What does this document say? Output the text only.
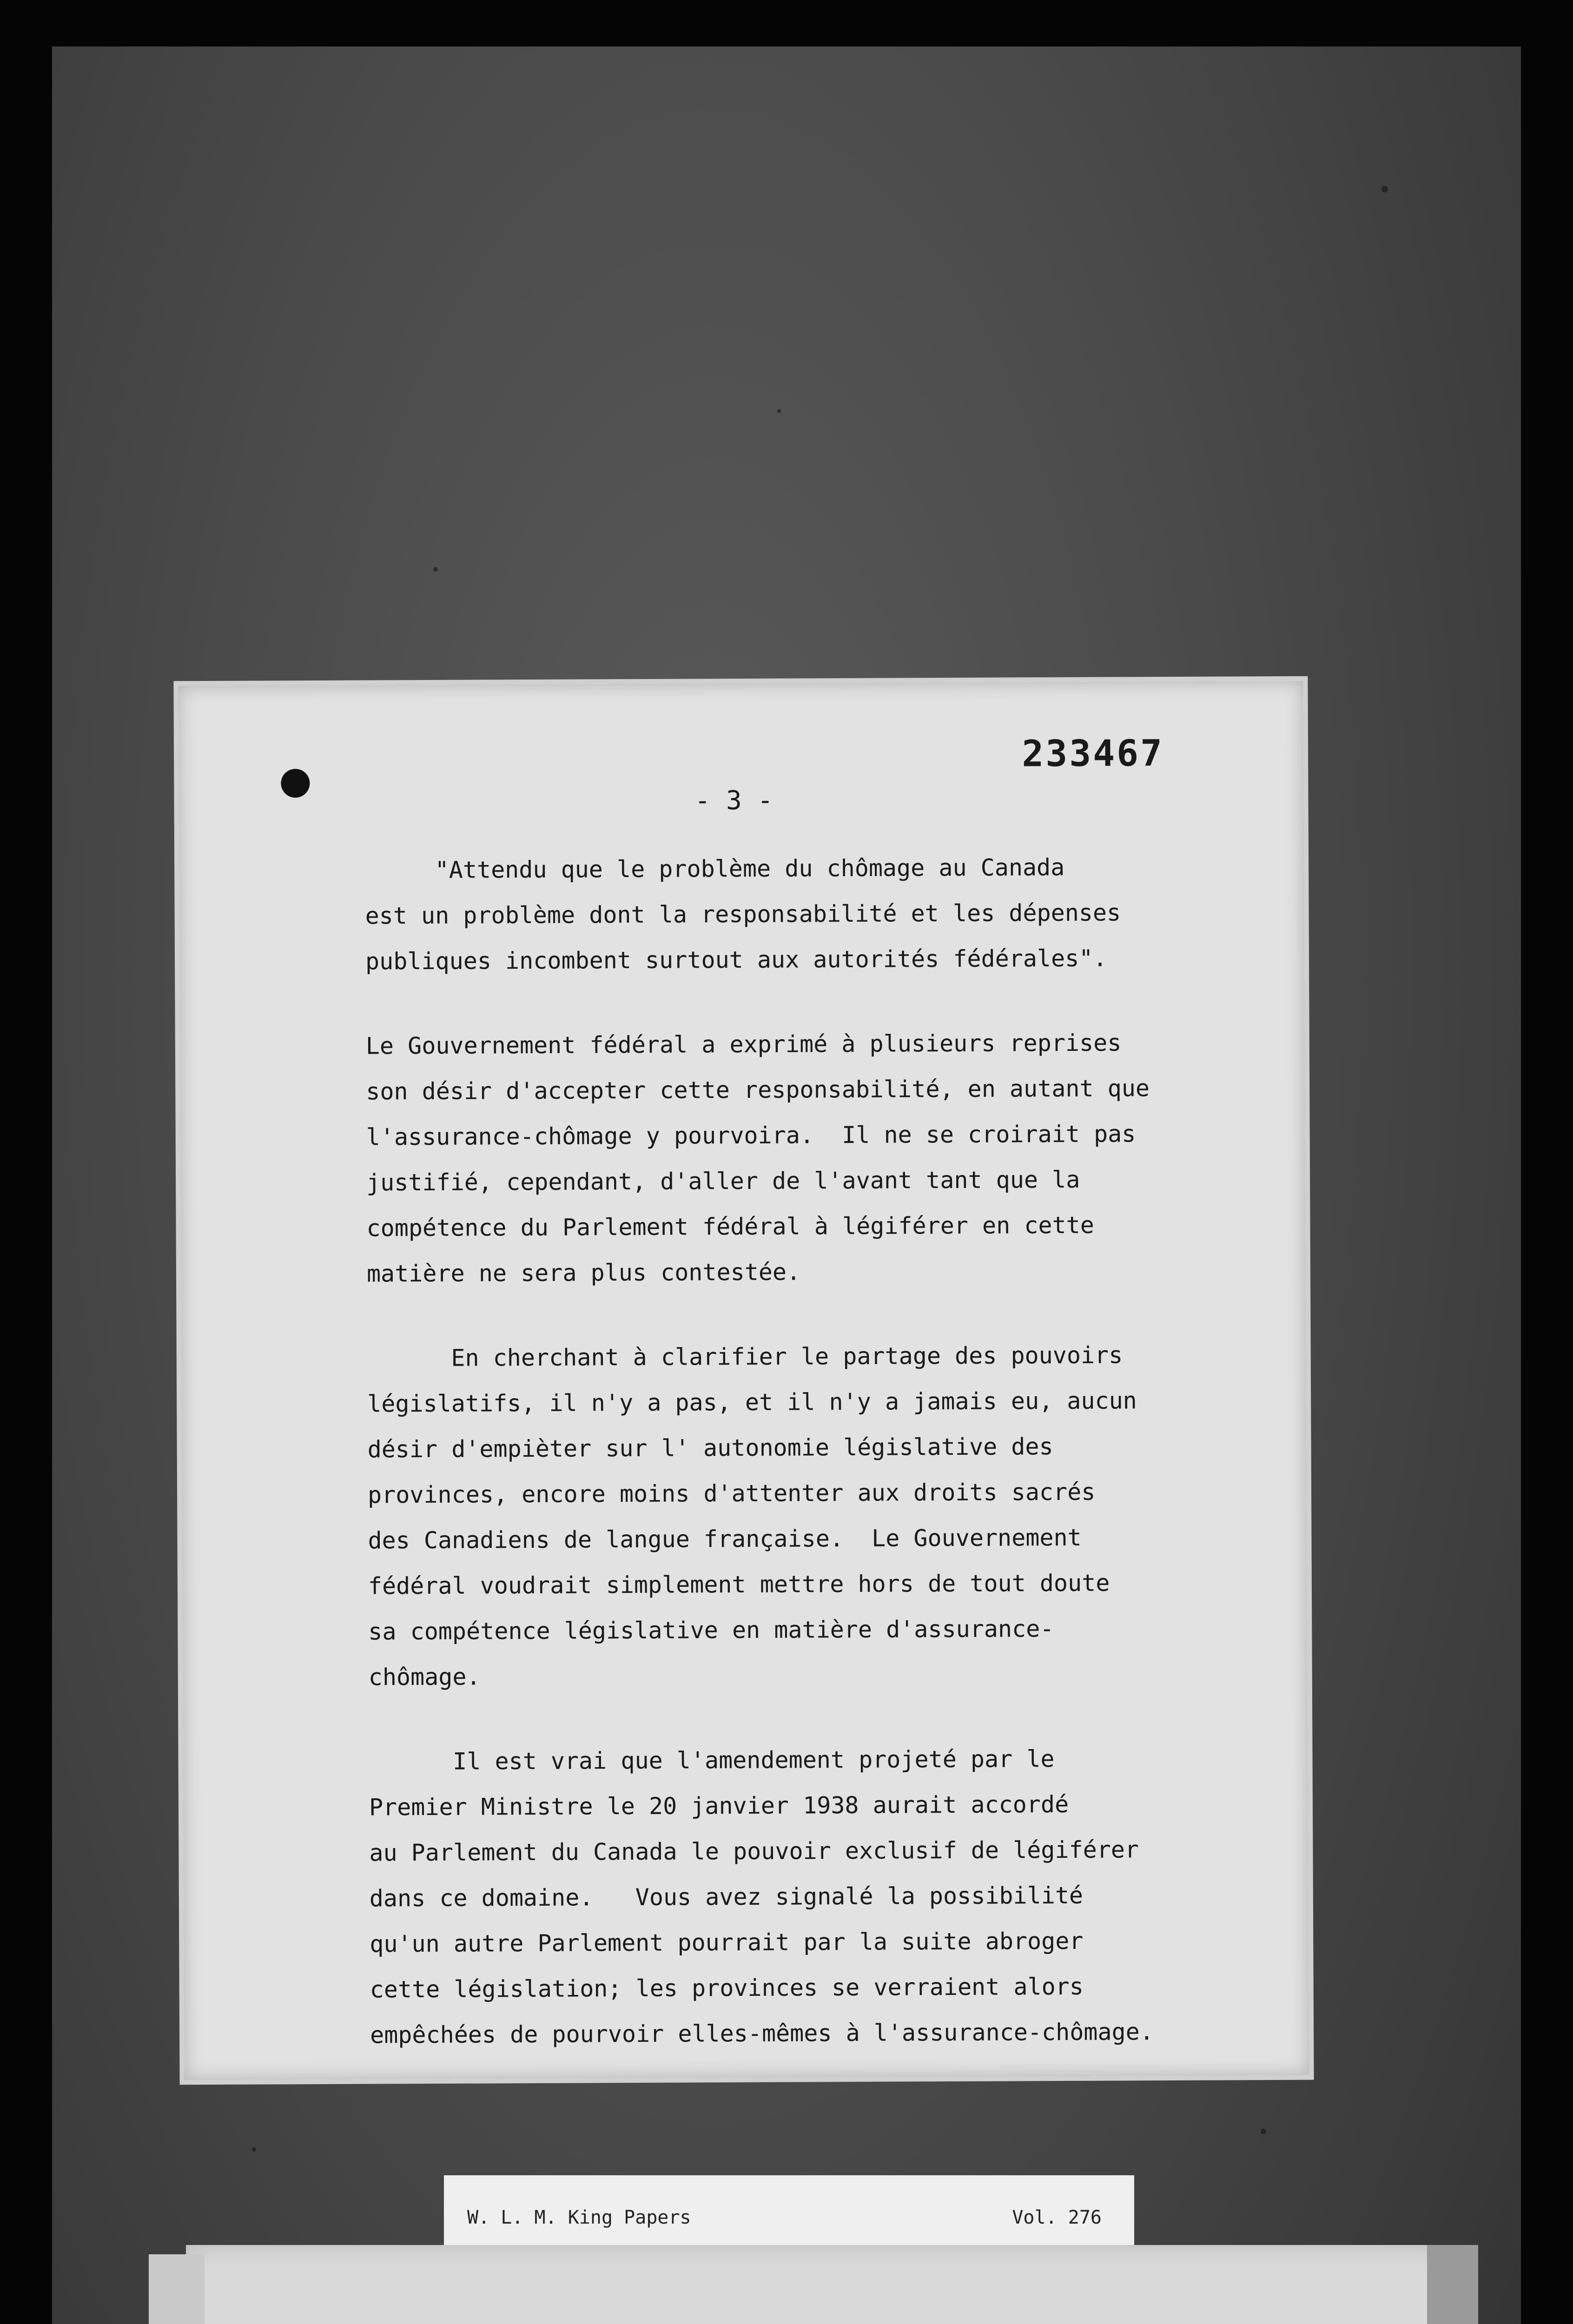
233467
- 3 -
"Attendu que le problème du chômage au Canada
est un problème dont la responsabilité et les dépenses
publiques incombent surtout aux autorités fédérales".
Le Gouvernement fédéral a exprimé à plusieurs reprises
son désir d'accepter cette responsabilité, en autant que
l'assurance-chômage y pourvoira.  Il ne se croirait pas
justifié, cependant, d'aller de l'avant tant que la
compétence du Parlement fédéral à légiférer en cette
matière ne sera plus contestée.
En cherchant à clarifier le partage des pouvoirs
législatifs, il n'y a pas, et il n'y a jamais eu, aucun
désir d'empièter sur l' autonomie législative des
provinces, encore moins d'attenter aux droits sacrés
des Canadiens de langue française.  Le Gouvernement
fédéral voudrait simplement mettre hors de tout doute
sa compétence législative en matière d'assurance-
chômage.
Il est vrai que l'amendement projeté par le
Premier Ministre le 20 janvier 1938 aurait accordé
au Parlement du Canada le pouvoir exclusif de légiférer
dans ce domaine.   Vous avez signalé la possibilité
qu'un autre Parlement pourrait par la suite abroger
cette législation; les provinces se verraient alors
empêchées de pourvoir elles-mêmes à l'assurance-chômage.
W. L. M. King Papers	Vol. 276
